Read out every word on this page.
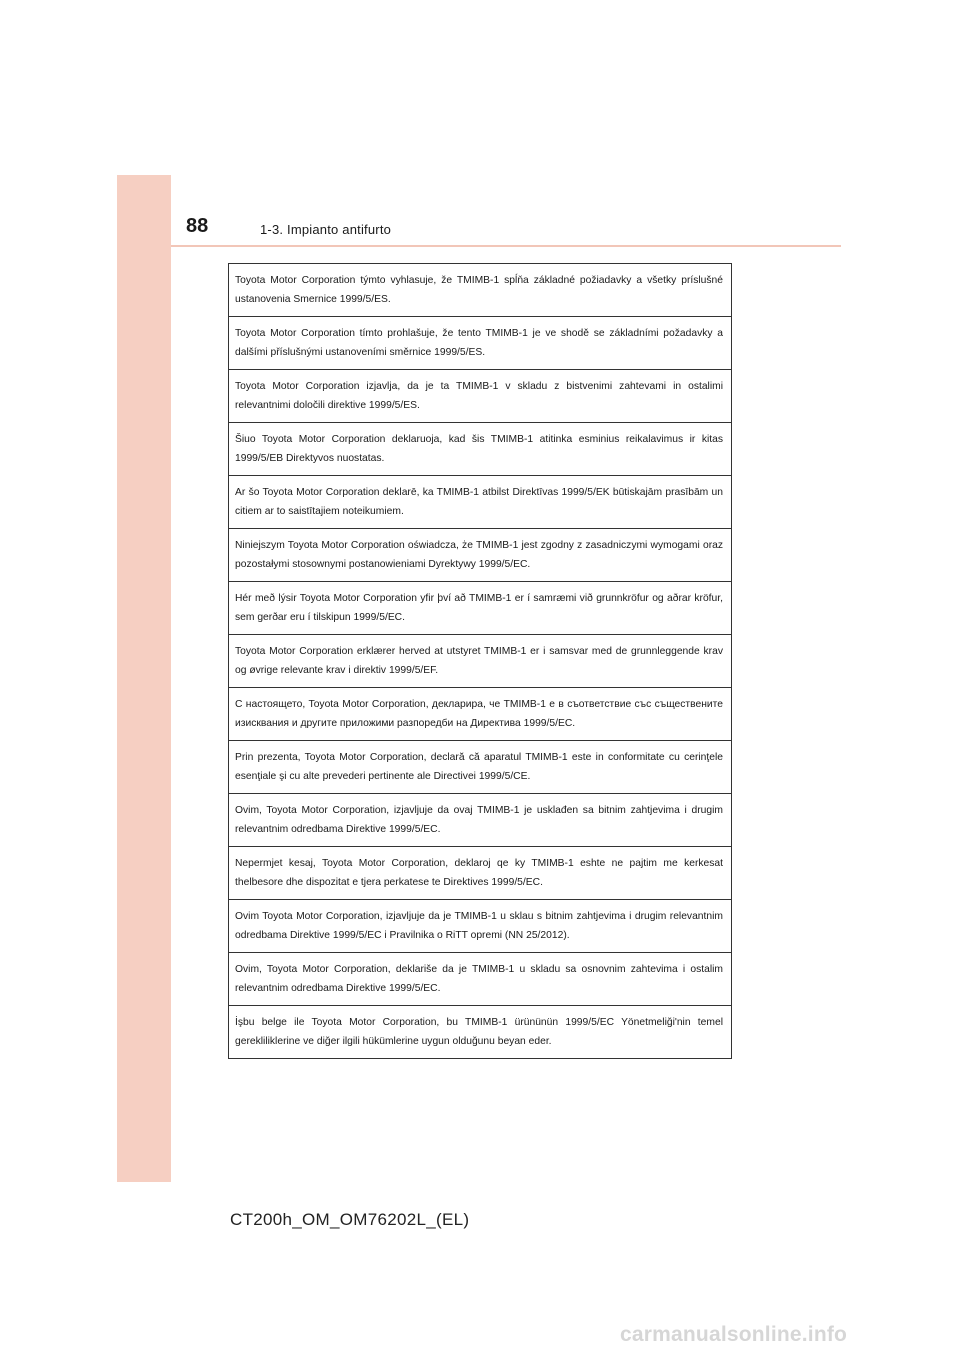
88	1-3. Impianto antifurto
Toyota Motor Corporation týmto vyhlasuje, že TMIMB-1 spĺňa základné požiadavky a všetky príslušné ustanovenia Smernice 1999/5/ES.
Toyota Motor Corporation tímto prohlašuje, že tento TMIMB-1 je ve shodě se základními požadavky a dalšími příslušnými ustanoveními směrnice 1999/5/ES.
Toyota Motor Corporation izjavlja, da je ta TMIMB-1 v skladu z bistvenimi zahtevami in ostalimi relevantnimi določili direktive 1999/5/ES.
Šiuo Toyota Motor Corporation deklaruoja, kad šis TMIMB-1 atitinka esminius reikalavimus ir kitas 1999/5/EB Direktyvos nuostatas.
Ar šo Toyota Motor Corporation deklarē, ka TMIMB-1 atbilst Direktīvas 1999/5/EK būtiskajām prasībām un citiem ar to saistītajiem noteikumiem.
Niniejszym Toyota Motor Corporation oświadcza, że TMIMB-1 jest zgodny z zasadniczymi wymogami oraz pozostałymi stosownymi postanowieniami Dyrektywy 1999/5/EC.
Hér með lýsir Toyota Motor Corporation yfir því að TMIMB-1 er í samræmi við grunnkröfur og aðrar kröfur, sem gerðar eru í tilskipun 1999/5/EC.
Toyota Motor Corporation erklærer herved at utstyret TMIMB-1 er i samsvar med de grunnleggende krav og øvrige relevante krav i direktiv 1999/5/EF.
С настоящето, Toyota Motor Corporation, декларира, че TMIMB-1 е в съответствие със съществените изисквания и другите приложими разпоредби на Директива 1999/5/ЕС.
Prin prezenta, Toyota Motor Corporation, declară că aparatul TMIMB-1 este in conformitate cu cerinţele esenţiale şi cu alte prevederi pertinente ale Directivei 1999/5/CE.
Ovim, Toyota Motor Corporation, izjavljuje da ovaj TMIMB-1 je usklađen sa bitnim zahtjevima i drugim relevantnim odredbama Direktive 1999/5/EC.
Nepermjet kesaj, Toyota Motor Corporation, deklaroj qe ky TMIMB-1 eshte ne pajtim me kerkesat thelbesore dhe dispozitat e tjera perkatese te Direktives 1999/5/EC.
Ovim Toyota Motor Corporation, izjavljuje da je TMIMB-1 u sklau s bitnim zahtjevima i drugim relevantnim odredbama Direktive 1999/5/EC i Pravilnika o RiTT opremi (NN 25/2012).
Ovim, Toyota Motor Corporation, deklariše da je TMIMB-1 u skladu sa osnovnim zahtevima i ostalim relevantnim odredbama Direktive 1999/5/EC.
İşbu belge ile Toyota Motor Corporation, bu TMIMB-1 ürününün 1999/5/EC Yönetmeliği'nin temel gerekliliklerine ve diğer ilgili hükümlerine uygun olduğunu beyan eder.
CT200h_OM_OM76202L_(EL)
carmanualsonline.info
